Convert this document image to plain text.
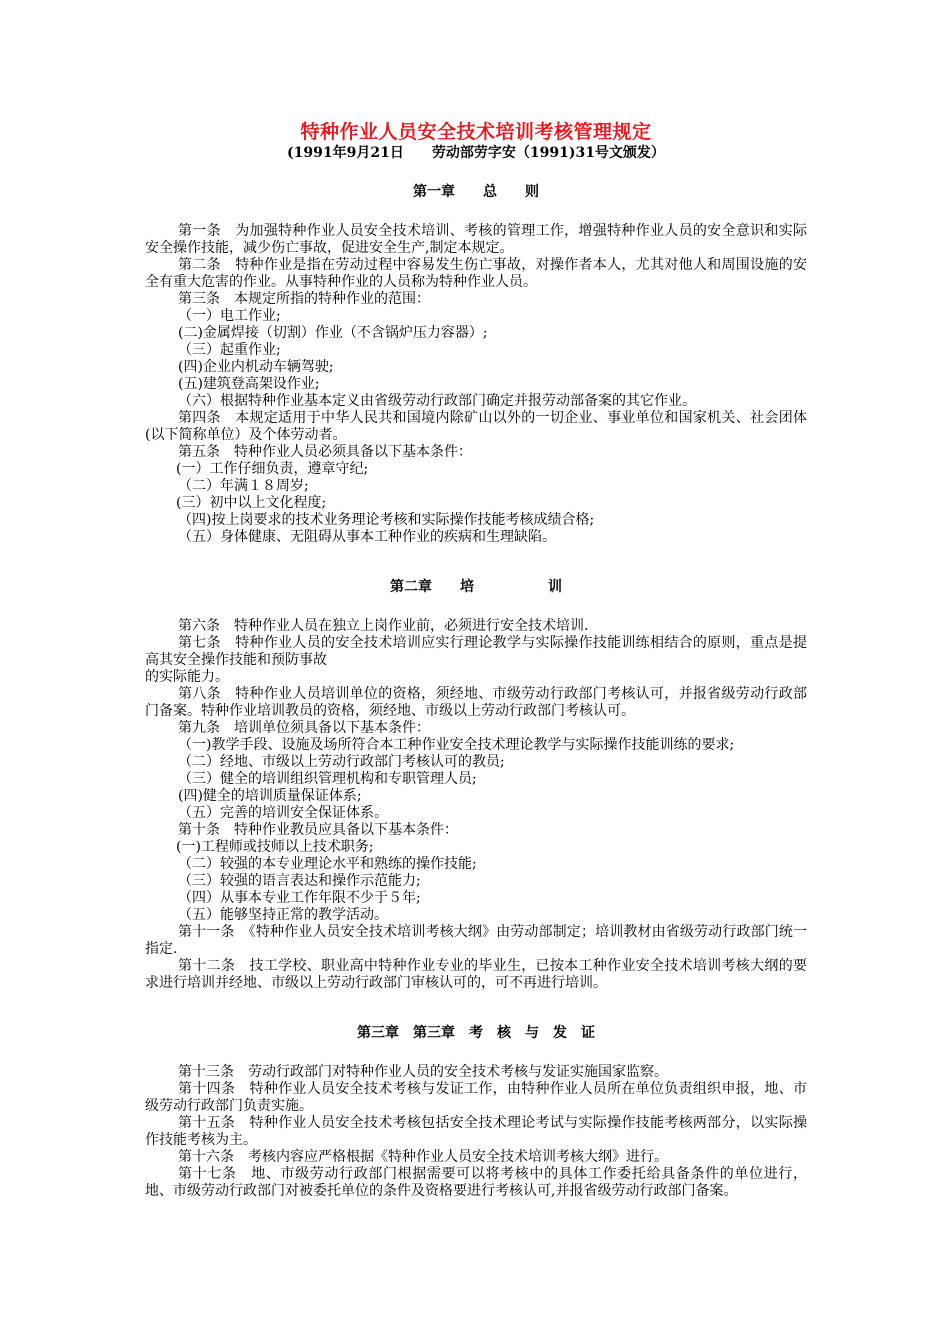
特种作业人员安全技术培训考核管理规定

(1991年9月21日　　劳动部劳字安（1991)31号文颁发）

第一章 总 则

第一条　为加强特种作业人员安全技术培训、考核的管理工作，增强特种作业人员的安全意识和实际安全操作技能，减少伤亡事故，促进安全生产,制定本规定。

第二条　特种作业是指在劳动过程中容易发生伤亡事故，对操作者本人，尤其对他人和周围设施的安全有重大危害的作业。从事特种作业的人员称为特种作业人员。

第三条　本规定所指的特种作业的范围：

（一）电工作业;

(二)金属焊接（切割）作业（不含锅炉压力容器）;

（三）起重作业;

(四)企业内机动车辆驾驶;

(五)建筑登高架设作业;

（六）根据特种作业基本定义由省级劳动行政部门确定并报劳动部备案的其它作业。

第四条　本规定适用于中华人民共和国境内除矿山以外的一切企业、事业单位和国家机关、社会团体(以下简称单位）及个体劳动者。

第五条　特种作业人员必须具备以下基本条件：

(一）工作仔细负责，遵章守纪;

（二）年满１８周岁;

(三）初中以上文化程度;

（四)按上岗要求的技术业务理论考核和实际操作技能考核成绩合格;

（五）身体健康、无阻碍从事本工种作业的疾病和生理缺陷。

第二章 培	训

第六条　特种作业人员在独立上岗作业前，必须进行安全技术培训.

第七条　特种作业人员的安全技术培训应实行理论教学与实际操作技能训练相结合的原则，重点是提高其安全操作技能和预防事故

的实际能力。

第八条　特种作业人员培训单位的资格，须经地、市级劳动行政部门考核认可，并报省级劳动行政部门备案。特种作业培训教员的资格，须经地、市级以上劳动行政部门考核认可。

第九条　培训单位须具备以下基本条件：

（一)教学手段、设施及场所符合本工种作业安全技术理论教学与实际操作技能训练的要求;

（二）经地、市级以上劳动行政部门考核认可的教员;

（三）健全的培训组织管理机构和专职管理人员;

(四)健全的培训质量保证体系;

（五）完善的培训安全保证体系。

第十条　特种作业教员应具备以下基本条件：

(一)工程师或技师以上技术职务;

（二）较强的本专业理论水平和熟练的操作技能;

（三）较强的语言表达和操作示范能力;

（四）从事本专业工作年限不少于５年;

（五）能够坚持正常的教学活动。

第十一条　《特种作业人员安全技术培训考核大纲》由劳动部制定；培训教材由省级劳动行政部门统一指定.

第十二条　技工学校、职业高中特种作业专业的毕业生，已按本工种作业安全技术培训考核大纲的要求进行培训并经地、市级以上劳动行政部门审核认可的，可不再进行培训。

第三章 第三章 考　核　与　发　证

第十三条　劳动行政部门对特种作业人员的安全技术考核与发证实施国家监察。

第十四条　特种作业人员安全技术考核与发证工作，由特种作业人员所在单位负责组织申报，地、市级劳动行政部门负责实施。

第十五条　特种作业人员安全技术考核包括安全技术理论考试与实际操作技能考核两部分，以实际操作技能考核为主。

第十六条　考核内容应严格根据《特种作业人员安全技术培训考核大纲》进行。

第十七条　地、市级劳动行政部门根据需要可以将考核中的具体工作委托给具备条件的单位进行，地、市级劳动行政部门对被委托单位的条件及资格要进行考核认可,并报省级劳动行政部门备案。
